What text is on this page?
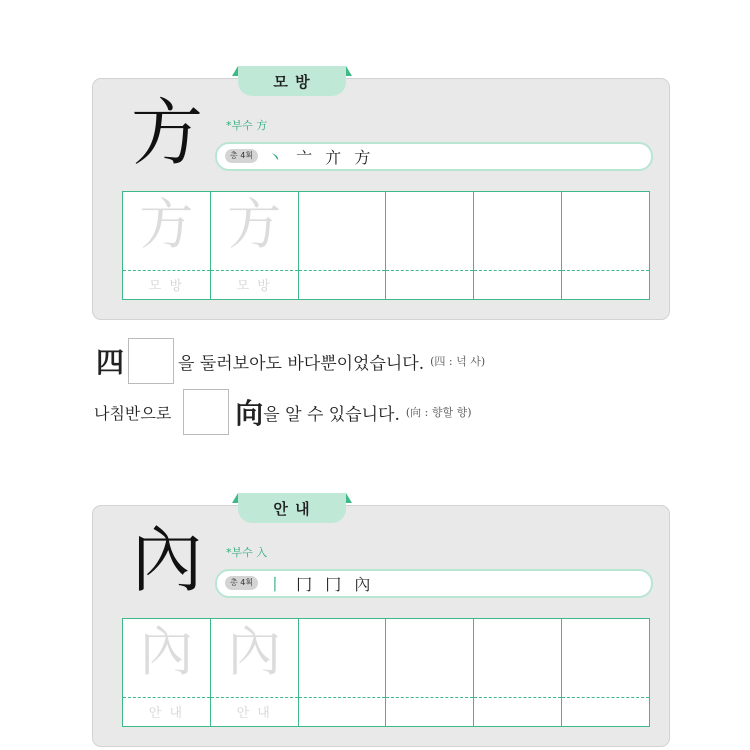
모 방
方 *부수 方
총 4획 丶 亠 亣 方
方
모 방
方
모 방
四	을 둘러보아도 바다뿐이었습니다. (四 : 넉 사)
나침반으로 向 을 알 수 있습니다. (向 : 향할 향)
안 내
內 *부수 入
총 4획 丨 冂 冂 內
內
안 내
內
안 내
